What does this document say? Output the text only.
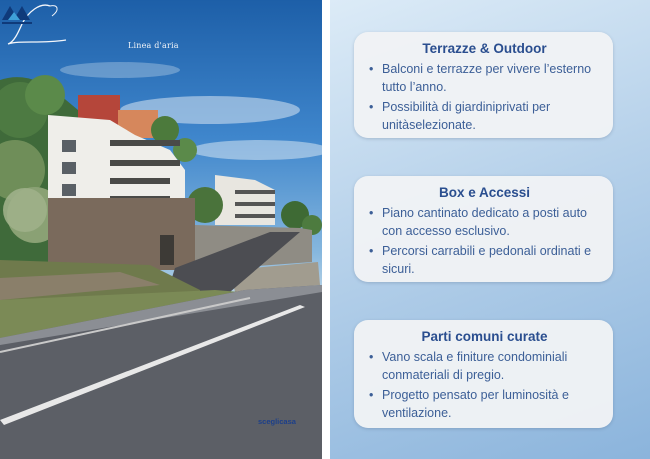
Linea d'aria
sceglicasa
Terrazze & Outdoor
• Balconi e terrazze per vivere l’esterno tutto l’anno.
• Possibilità di giardiniprivati per unitàselezionate.
Box e Accessi
• Piano cantinato dedicato a posti auto con accesso esclusivo.
• Percorsi carrabili e pedonali ordinati e sicuri.
Parti comuni curate
• Vano scala e finiture condominiali conmateriali di pregio.
• Progetto pensato per luminosità e ventilazione.
